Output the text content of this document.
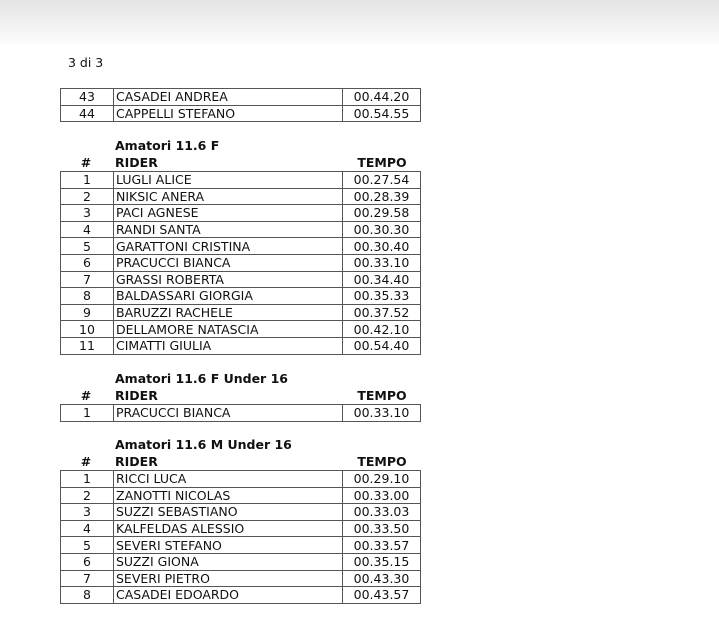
3 di 3
43	CASADEI ANDREA	00.44.20
44	CAPPELLI STEFANO	00.54.55
Amatori 11.6 F
#	RIDER	TEMPO
1	LUGLI ALICE	00.27.54
2	NIKSIC ANERA	00.28.39
3	PACI AGNESE	00.29.58
4	RANDI SANTA	00.30.30
5	GARATTONI CRISTINA	00.30.40
6	PRACUCCI BIANCA	00.33.10
7	GRASSI ROBERTA	00.34.40
8	BALDASSARI GIORGIA	00.35.33
9	BARUZZI RACHELE	00.37.52
10	DELLAMORE NATASCIA	00.42.10
11	CIMATTI GIULIA	00.54.40
Amatori 11.6 F Under 16
#	RIDER	TEMPO
1	PRACUCCI BIANCA	00.33.10
Amatori 11.6 M Under 16
#	RIDER	TEMPO
1	RICCI LUCA	00.29.10
2	ZANOTTI NICOLAS	00.33.00
3	SUZZI SEBASTIANO	00.33.03
4	KALFELDAS ALESSIO	00.33.50
5	SEVERI STEFANO	00.33.57
6	SUZZI GIONA	00.35.15
7	SEVERI PIETRO	00.43.30
8	CASADEI EDOARDO	00.43.57
